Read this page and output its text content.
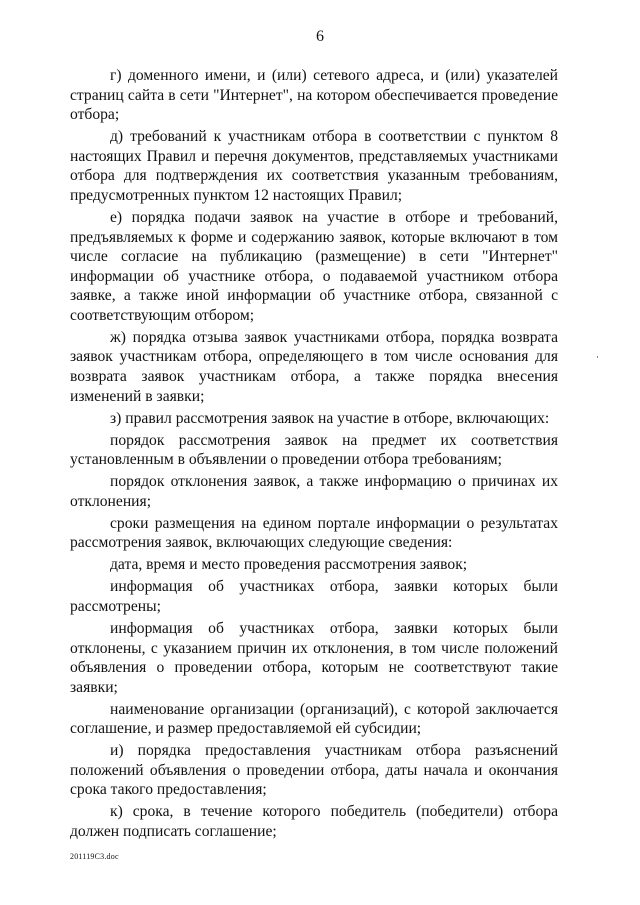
6

г) доменного имени, и (или) сетевого адреса, и (или) указателей страниц сайта в сети "Интернет", на котором обеспечивается проведение отбора;

д) требований к участникам отбора в соответствии с пунктом 8 настоящих Правил и перечня документов, представляемых участниками отбора для подтверждения их соответствия указанным требованиям, предусмотренных пунктом 12 настоящих Правил;

е) порядка подачи заявок на участие в отборе и требований, предъявляемых к форме и содержанию заявок, которые включают в том числе согласие на публикацию (размещение) в сети "Интернет" информации об участнике отбора, о подаваемой участником отбора заявке, а также иной информации об участнике отбора, связанной с соответствующим отбором;

ж) порядка отзыва заявок участниками отбора, порядка возврата заявок участникам отбора, определяющего в том числе основания для возврата заявок участникам отбора, а также порядка внесения изменений в заявки;

з) правил рассмотрения заявок на участие в отборе, включающих:

порядок рассмотрения заявок на предмет их соответствия установленным в объявлении о проведении отбора требованиям;

порядок отклонения заявок, а также информацию о причинах их отклонения;

сроки размещения на едином портале информации о результатах рассмотрения заявок, включающих следующие сведения:

дата, время и место проведения рассмотрения заявок;

информация об участниках отбора, заявки которых были рассмотрены;

информация об участниках отбора, заявки которых были отклонены, с указанием причин их отклонения, в том числе положений объявления о проведении отбора, которым не соответствуют такие заявки;

наименование организации (организаций), с которой заключается соглашение, и размер предоставляемой ей субсидии;

и) порядка предоставления участникам отбора разъяснений положений объявления о проведении отбора, даты начала и окончания срока такого предоставления;

к) срока, в течение которого победитель (победители) отбора должен подписать соглашение;

201119С3.doc
